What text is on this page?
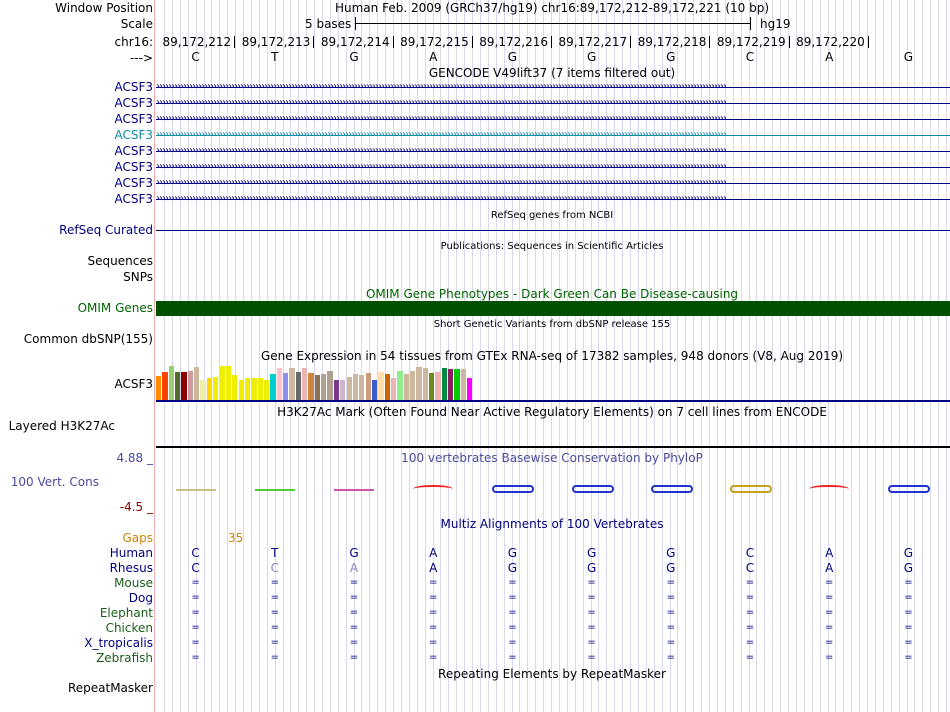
Window Position	Human Feb. 2009 (GRCh37/hg19) chr16:89,172,212-89,172,221 (10 bp)
Scale	5 bases	hg19
chr16: 89,172,212 89,172,213 89,172,214 89,172,215 89,172,216 89,172,217 89,172,218 89,172,219 89,172,220
--->	C	T	G	A	G	G	G	C	A	G
GENCODE V49lift37 (7 items filtered out)
ACSF3 ››››››››››››››››››››››››››››››››››››››››››››››››››››››››››››››››››››››››››››››››››››››››››››››››››››››››››››››››››››››››››››››››››››››››››››››››››››››››››››››››››››››››››››››››››››››››››››››
ACSF3 ››››››››››››››››››››››››››››››››››››››››››››››››››››››››››››››››››››››››››››››››››››››››››››››››››››››››››››››››››››››››››››››››››››››››››››››››››››››››››››››››››››››››››››››››››››››››››››››
ACSF3 ››››››››››››››››››››››››››››››››››››››››››››››››››››››››››››››››››››››››››››››››››››››››››››››››››››››››››››››››››››››››››››››››››››››››››››››››››››››››››››››››››››››››››››››››››››››››››››››
ACSF3 ››››››››››››››››››››››››››››››››››››››››››››››››››››››››››››››››››››››››››››››››››››››››››››››››››››››››››››››››››››››››››››››››››››››››››››››››››››››››››››››››››››››››››››››››››››››››››››››
ACSF3 ››››››››››››››››››››››››››››››››››››››››››››››››››››››››››››››››››››››››››››››››››››››››››››››››››››››››››››››››››››››››››››››››››››››››››››››››››››››››››››››››››››››››››››››››››››››››››››››
ACSF3 ››››››››››››››››››››››››››››››››››››››››››››››››››››››››››››››››››››››››››››››››››››››››››››››››››››››››››››››››››››››››››››››››››››››››››››››››››››››››››››››››››››››››››››››››››››››››››››››
ACSF3 ››››››››››››››››››››››››››››››››››››››››››››››››››››››››››››››››››››››››››››››››››››››››››››››››››››››››››››››››››››››››››››››››››››››››››››››››››››››››››››››››››››››››››››››››››››››››››››››
ACSF3 ››››››››››››››››››››››››››››››››››››››››››››››››››››››››››››››››››››››››››››››››››››››››››››››››››››››››››››››››››››››››››››››››››››››››››››››››››››››››››››››››››››››››››››››››››››››››››››››
RefSeq genes from NCBI
RefSeq Curated
Publications: Sequences in Scientific Articles
Sequences
SNPs
OMIM Gene Phenotypes - Dark Green Can Be Disease-causing
OMIM Genes
Short Genetic Variants from dbSNP release 155
Common dbSNP(155)
Gene Expression in 54 tissues from GTEx RNA-seq of 17382 samples, 948 donors (V8, Aug 2019)
ACSF3
H3K27Ac Mark (Often Found Near Active Regulatory Elements) on 7 cell lines from ENCODE
Layered H3K27Ac
100 vertebrates Basewise Conservation by PhyloP
4.88 _
100 Vert. Cons
-4.5 _
Multiz Alignments of 100 Vertebrates
Gaps	35
Human	C	T	G	A	G	G	G	C	A	G
Rhesus	C	C	A	A	G	G	G	C	A	G
Mouse	=	=	=	=	=	=	=	=	=	=
Dog	=	=	=	=	=	=	=	=	=	=
Elephant	=	=	=	=	=	=	=	=	=	=
Chicken	=	=	=	=	=	=	=	=	=	=
X_tropicalis	=	=	=	=	=	=	=	=	=	=
Zebrafish	=	=	=	=	=	=	=	=	=	=
Repeating Elements by RepeatMasker
RepeatMasker
